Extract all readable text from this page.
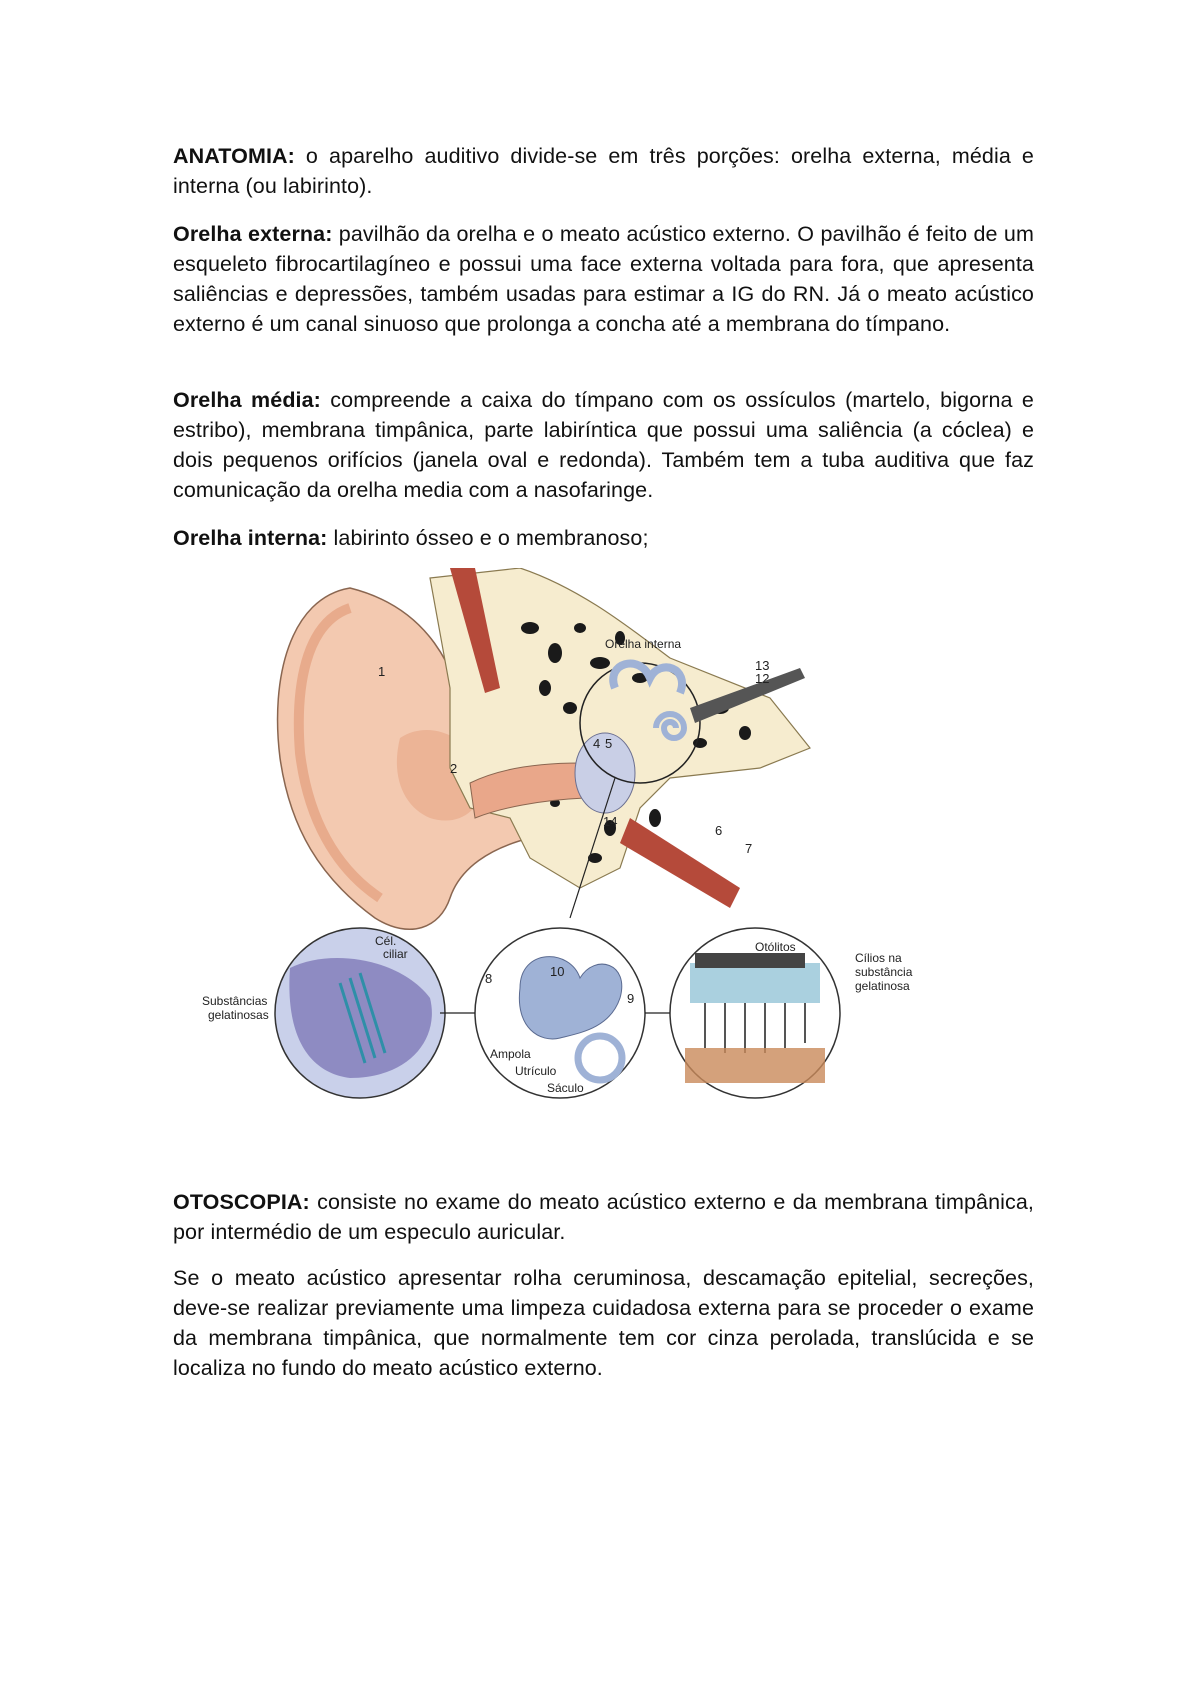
ANATOMIA: o aparelho auditivo divide-se em três porções: orelha externa, média e interna (ou labirinto).

Orelha externa: pavilhão da orelha e o meato acústico externo. O pavilhão é feito de um esqueleto fibrocartilagíneo e possui uma face externa voltada para fora, que apresenta saliências e depressões, também usadas para estimar a IG do RN. Já o meato acústico externo é um canal sinuoso que prolonga a concha até a membrana do tímpano.

Orelha média: compreende a caixa do tímpano com os ossículos (martelo, bigorna e estribo), membrana timpânica, parte labiríntica que possui uma saliência (a cóclea) e dois pequenos orifícios (janela oval e redonda). Também tem a tuba auditiva que faz comunicação da orelha media com a nasofaringe.

Orelha interna: labirinto ósseo e o membranoso;

Orelha interna
Cél.
ciliar
Substâncias
gelatinosas
Otólitos
Cílios na
substância
gelatinosa
Ampola
Utrículo
Sáculo
1
2
4 5
6
7
8
9
10
12
13
14

OTOSCOPIA: consiste no exame do meato acústico externo e da membrana timpânica, por intermédio de um especulo auricular.

Se o meato acústico apresentar rolha ceruminosa, descamação epitelial, secreções, deve-se realizar previamente uma limpeza cuidadosa externa para se proceder o exame da membrana timpânica, que normalmente tem cor cinza perolada, translúcida e se localiza no fundo do meato acústico externo.
